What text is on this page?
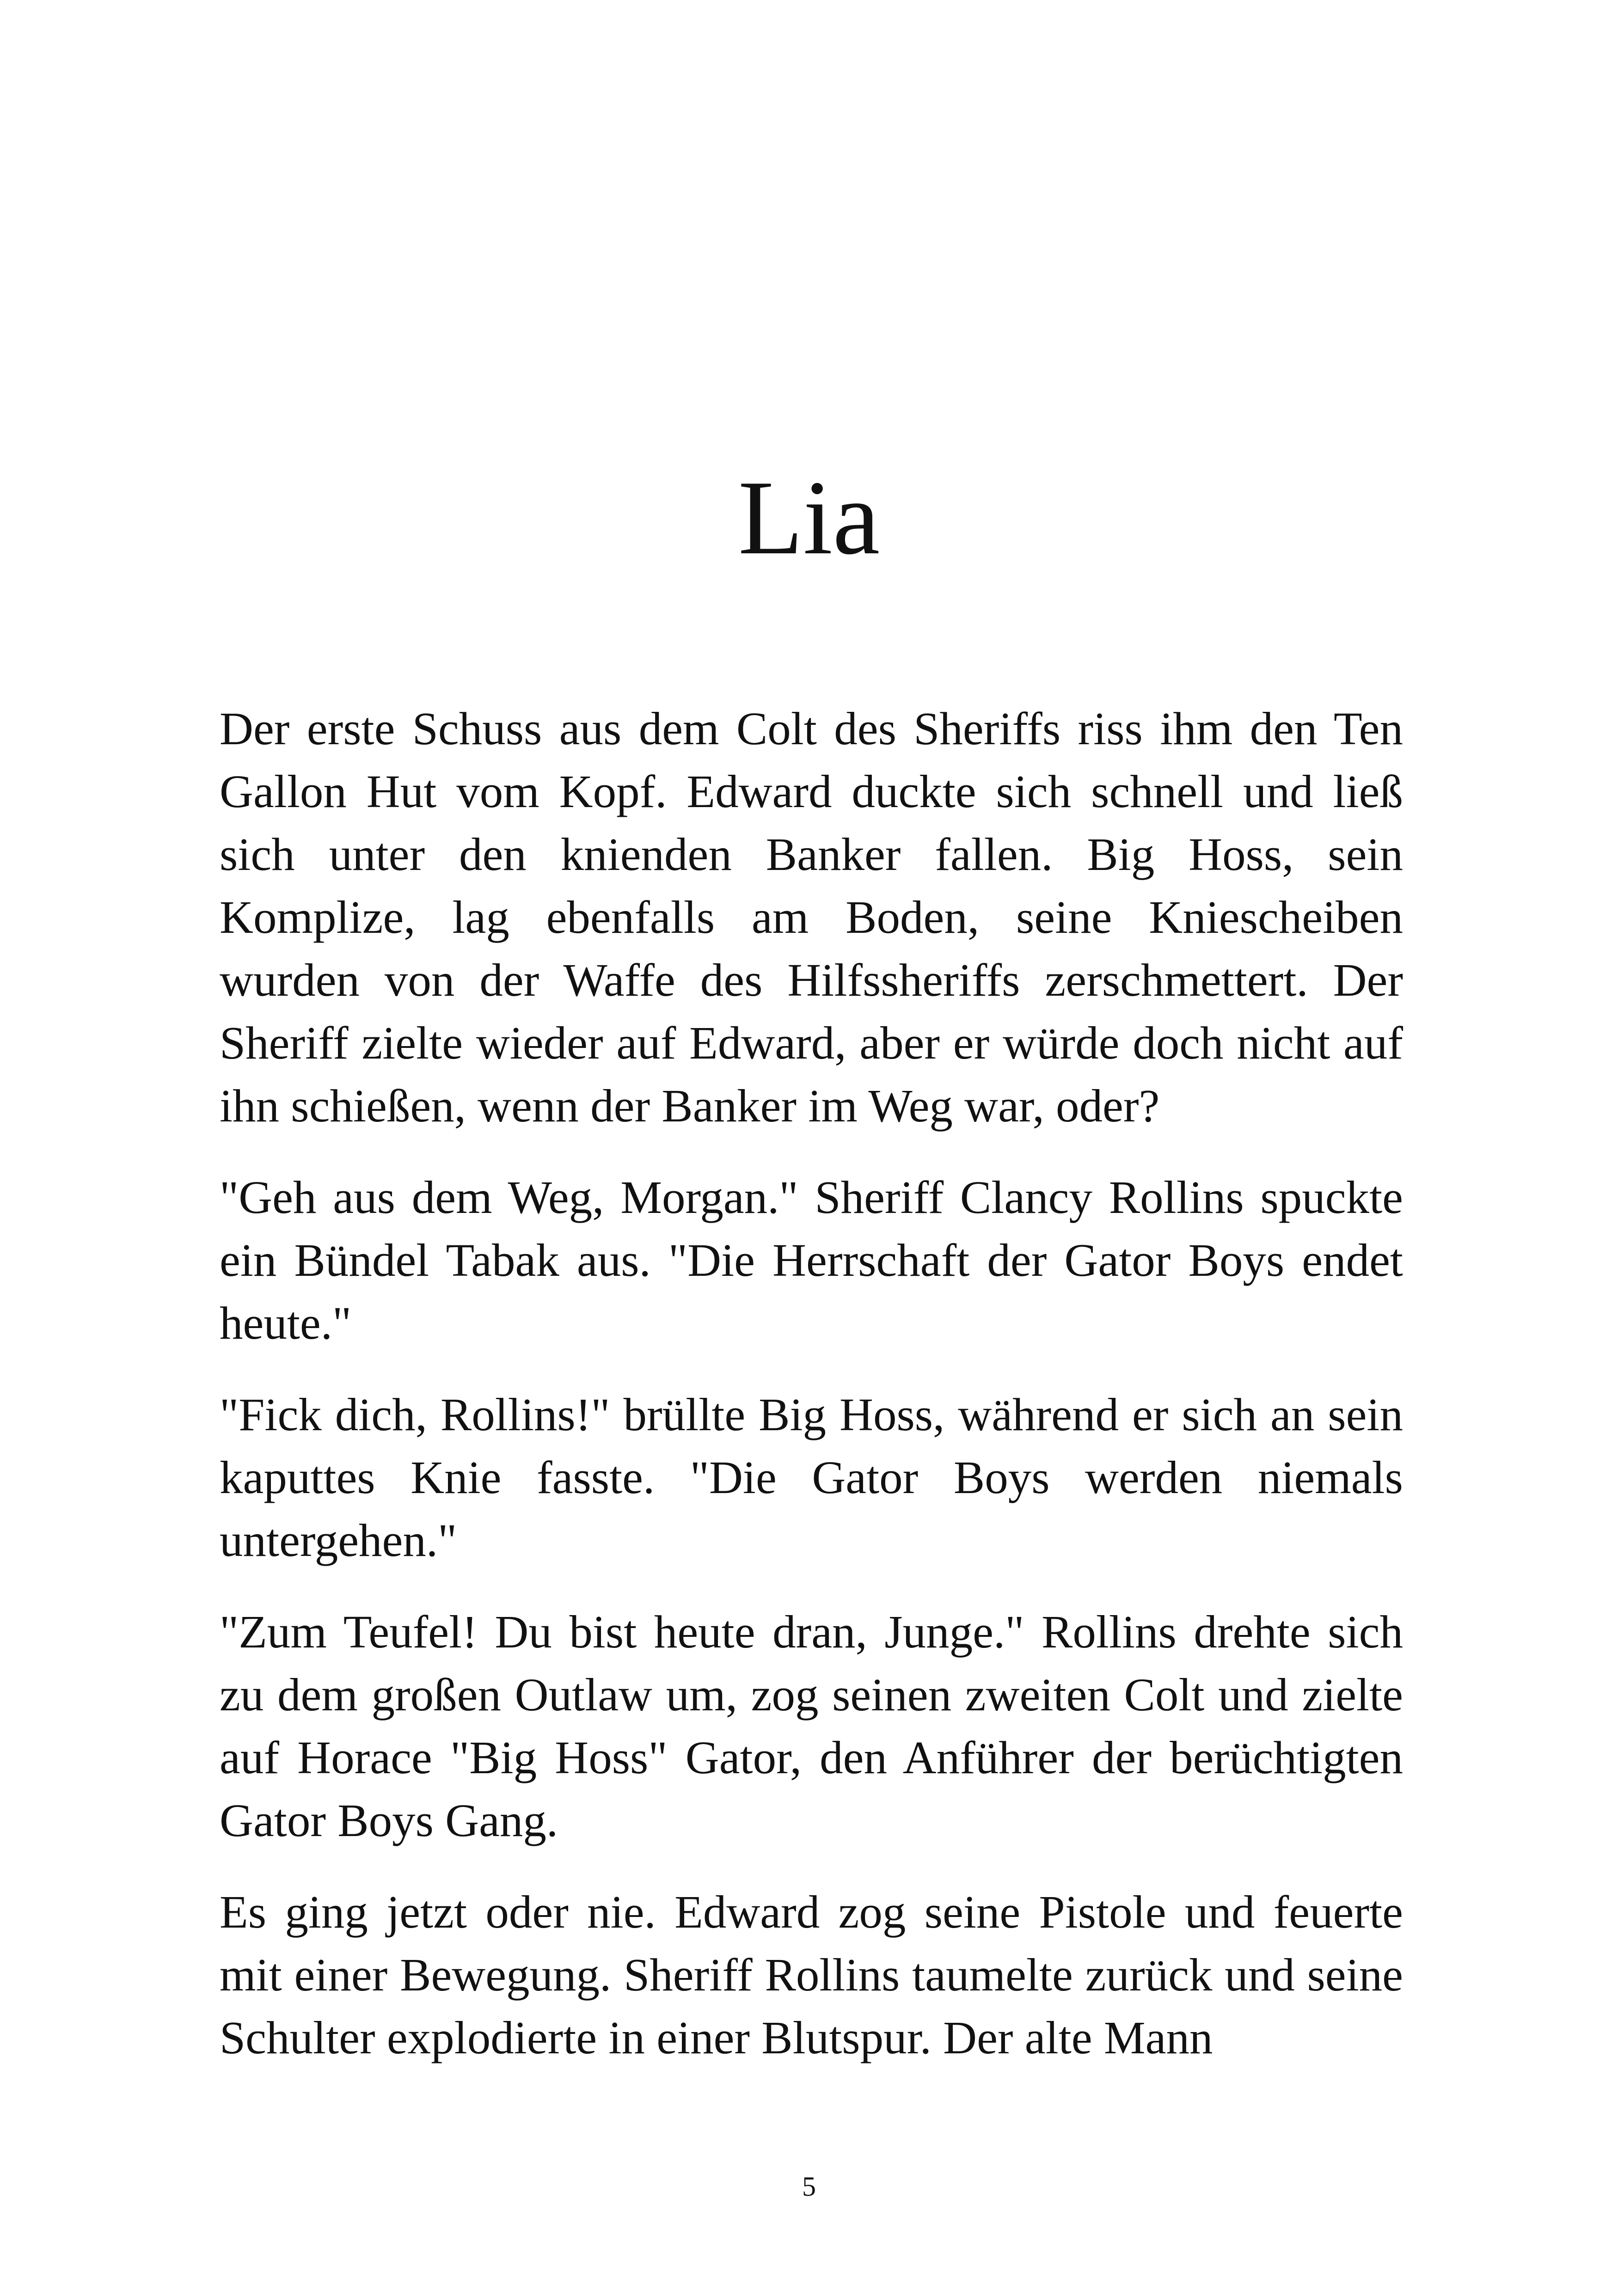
Lia

Der erste Schuss aus dem Colt des Sheriffs riss ihm den Ten Gallon Hut vom Kopf. Edward duckte sich schnell und ließ sich unter den knienden Banker fallen. Big Hoss, sein Komplize, lag ebenfalls am Boden, seine Kniescheiben wurden von der Waffe des Hilfssheriffs zerschmettert. Der Sheriff zielte wieder auf Edward, aber er würde doch nicht auf ihn schießen, wenn der Banker im Weg war, oder?

"Geh aus dem Weg, Morgan." Sheriff Clancy Rollins spuckte ein Bündel Tabak aus. "Die Herrschaft der Gator Boys endet heute."

"Fick dich, Rollins!" brüllte Big Hoss, während er sich an sein kaputtes Knie fasste. "Die Gator Boys werden niemals untergehen."

"Zum Teufel! Du bist heute dran, Junge." Rollins drehte sich zu dem großen Outlaw um, zog seinen zweiten Colt und zielte auf Horace "Big Hoss" Gator, den Anführer der berüchtigten Gator Boys Gang.

Es ging jetzt oder nie. Edward zog seine Pistole und feuerte mit einer Bewegung. Sheriff Rollins taumelte zurück und seine Schulter explodierte in einer Blutspur. Der alte Mann

5
